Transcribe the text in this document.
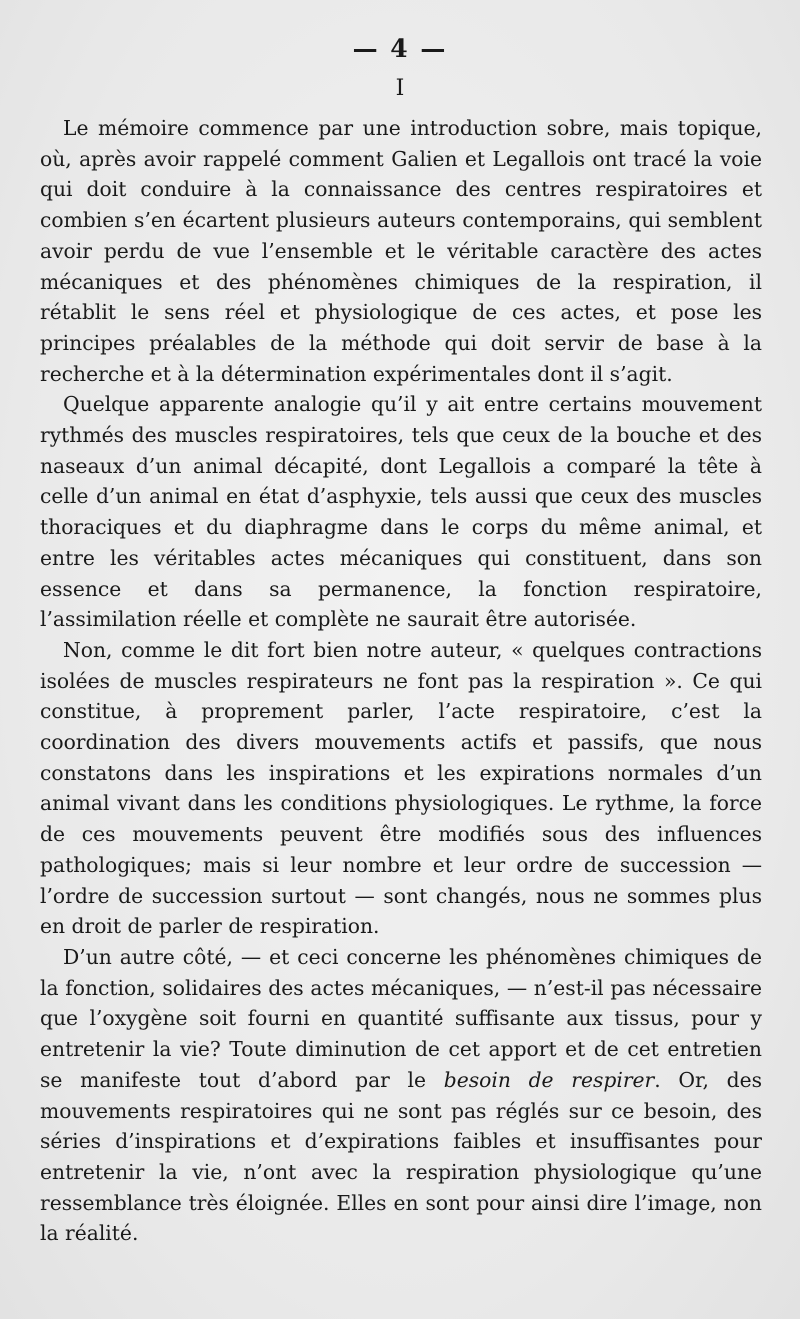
— 4 —
I

Le mémoire commence par une introduction sobre, mais topique, où, après avoir rappelé comment Galien et Legallois ont tracé la voie qui doit conduire à la connaissance des centres respiratoires et combien s’en écartent plusieurs auteurs contemporains, qui semblent avoir perdu de vue l’ensemble et le véritable caractère des actes mécaniques et des phénomènes chimiques de la respiration, il rétablit le sens réel et physiologique de ces actes, et pose les principes préalables de la méthode qui doit servir de base à la recherche et à la détermination expérimentales dont il s’agit.

Quelque apparente analogie qu’il y ait entre certains mouvement rythmés des muscles respiratoires, tels que ceux de la bouche et des naseaux d’un animal décapité, dont Legallois a comparé la tête à celle d’un animal en état d’asphyxie, tels aussi que ceux des muscles thoraciques et du diaphragme dans le corps du même animal, et entre les véritables actes mécaniques qui constituent, dans son essence et dans sa permanence, la fonction respiratoire, l’assimilation réelle et complète ne saurait être autorisée.

Non, comme le dit fort bien notre auteur, « quelques contractions isolées de muscles respirateurs ne font pas la respiration ». Ce qui constitue, à proprement parler, l’acte respiratoire, c’est la coordination des divers mouvements actifs et passifs, que nous constatons dans les inspirations et les expirations normales d’un animal vivant dans les conditions physiologiques. Le rythme, la force de ces mouvements peuvent être modifiés sous des influences pathologiques; mais si leur nombre et leur ordre de succession — l’ordre de succession surtout — sont changés, nous ne sommes plus en droit de parler de respiration.

D’un autre côté, — et ceci concerne les phénomènes chimiques de la fonction, solidaires des actes mécaniques, — n’est-il pas nécessaire que l’oxygène soit fourni en quantité suffisante aux tissus, pour y entretenir la vie? Toute diminution de cet apport et de cet entretien se manifeste tout d’abord par le besoin de respirer. Or, des mouvements respiratoires qui ne sont pas réglés sur ce besoin, des séries d’inspirations et d’expirations faibles et insuffisantes pour entretenir la vie, n’ont avec la respiration physiologique qu’une ressemblance très éloignée. Elles en sont pour ainsi dire l’image, non la réalité.
